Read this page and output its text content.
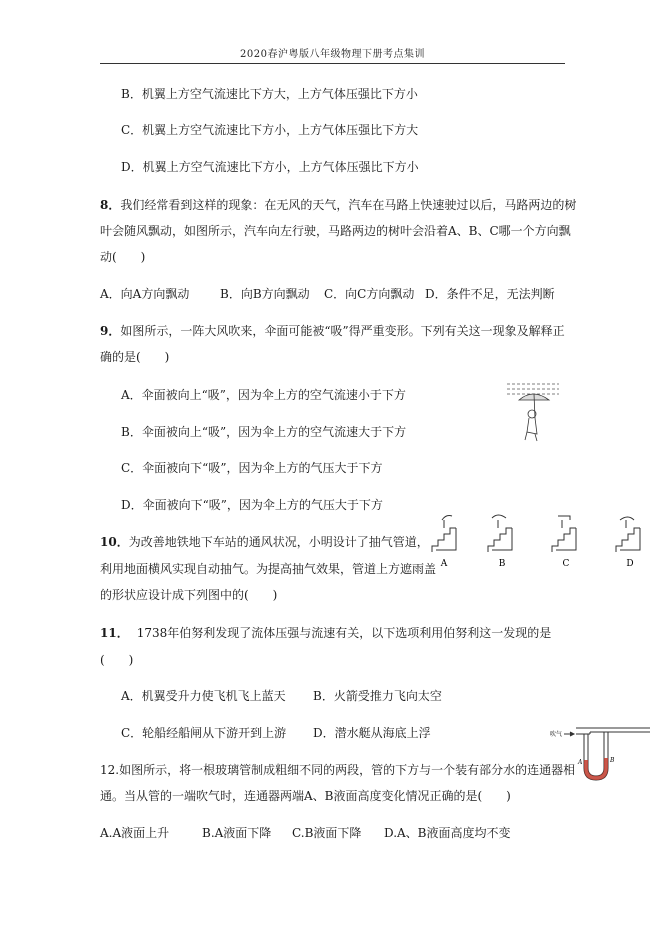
2020春沪粤版八年级物理下册考点集训
B．机翼上方空气流速比下方大，上方气体压强比下方小
C．机翼上方空气流速比下方小，上方气体压强比下方大
D．机翼上方空气流速比下方小，上方气体压强比下方小
8．我们经常看到这样的现象：在无风的天气，汽车在马路上快速驶过以后，马路两边的树
叶会随风飘动，如图所示，汽车向左行驶，马路两边的树叶会沿着A、B、C哪一个方向飘
动(　　)
A．向A方向飘动	B．向B方向飘动 C．向C方向飘动 D．条件不足，无法判断
9．如图所示，一阵大风吹来，伞面可能被“吸”得严重变形。下列有关这一现象及解释正
确的是(　　)
A．伞面被向上“吸”，因为伞上方的空气流速小于下方
B．伞面被向上“吸”，因为伞上方的空气流速大于下方
C．伞面被向下“吸”，因为伞上方的气压大于下方
D．伞面被向下“吸”，因为伞上方的气压大于下方
10．为改善地铁地下车站的通风状况，小明设计了抽气管道，
利用地面横风实现自动抽气。为提高抽气效果，管道上方遮雨盖
的形状应设计成下列图中的(　　)
A	B	C	D
11． 1738年伯努利发现了流体压强与流速有关，以下选项利用伯努利这一发现的是
(　　)
A．机翼受升力使飞机飞上蓝天 B．火箭受推力飞向太空
C．轮船经船闸从下游开到上游 D．潜水艇从海底上浮	吹气
A	B
12.如图所示，将一根玻璃管制成粗细不同的两段，管的下方与一个装有部分水的连通器相
通。当从管的一端吹气时，连通器两端A、B液面高度变化情况正确的是(　　)
A.A液面上升	B.A液面下降 C.B液面下降 D.A、B液面高度均不变
